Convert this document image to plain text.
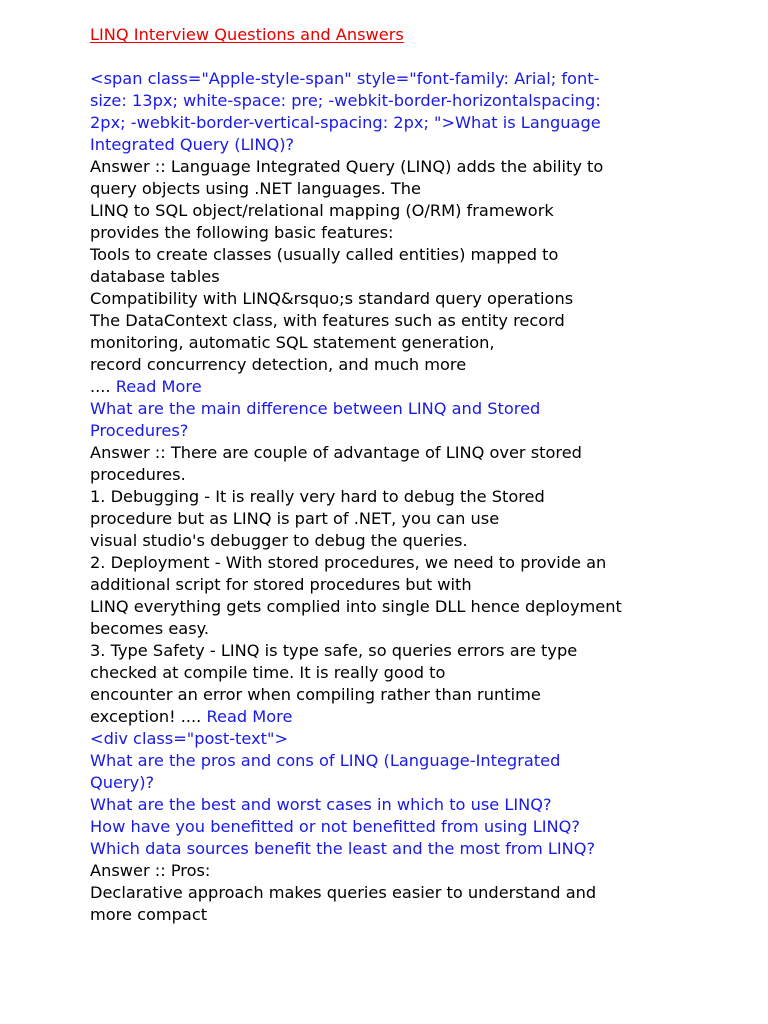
LINQ Interview Questions and Answers
<span class="Apple-style-span" style="font-family: Arial; font-
size: 13px; white-space: pre; -webkit-border-horizontalspacing:
2px; -webkit-border-vertical-spacing: 2px; ">What is Language
Integrated Query (LINQ)?
Answer :: Language Integrated Query (LINQ) adds the ability to
query objects using .NET languages. The
LINQ to SQL object/relational mapping (O/RM) framework
provides the following basic features:
Tools to create classes (usually called entities) mapped to
database tables
Compatibility with LINQ&rsquo;s standard query operations
The DataContext class, with features such as entity record
monitoring, automatic SQL statement generation,
record concurrency detection, and much more
.... Read More
What are the main difference between LINQ and Stored
Procedures?
Answer :: There are couple of advantage of LINQ over stored
procedures.
1. Debugging - It is really very hard to debug the Stored
procedure but as LINQ is part of .NET, you can use
visual studio's debugger to debug the queries.
2. Deployment - With stored procedures, we need to provide an
additional script for stored procedures but with
LINQ everything gets complied into single DLL hence deployment
becomes easy.
3. Type Safety - LINQ is type safe, so queries errors are type
checked at compile time. It is really good to
encounter an error when compiling rather than runtime
exception! .... Read More
<div class="post-text">
What are the pros and cons of LINQ (Language-Integrated
Query)?
What are the best and worst cases in which to use LINQ?
How have you benefitted or not benefitted from using LINQ?
Which data sources benefit the least and the most from LINQ?
Answer :: Pros:
Declarative approach makes queries easier to understand and
more compact
